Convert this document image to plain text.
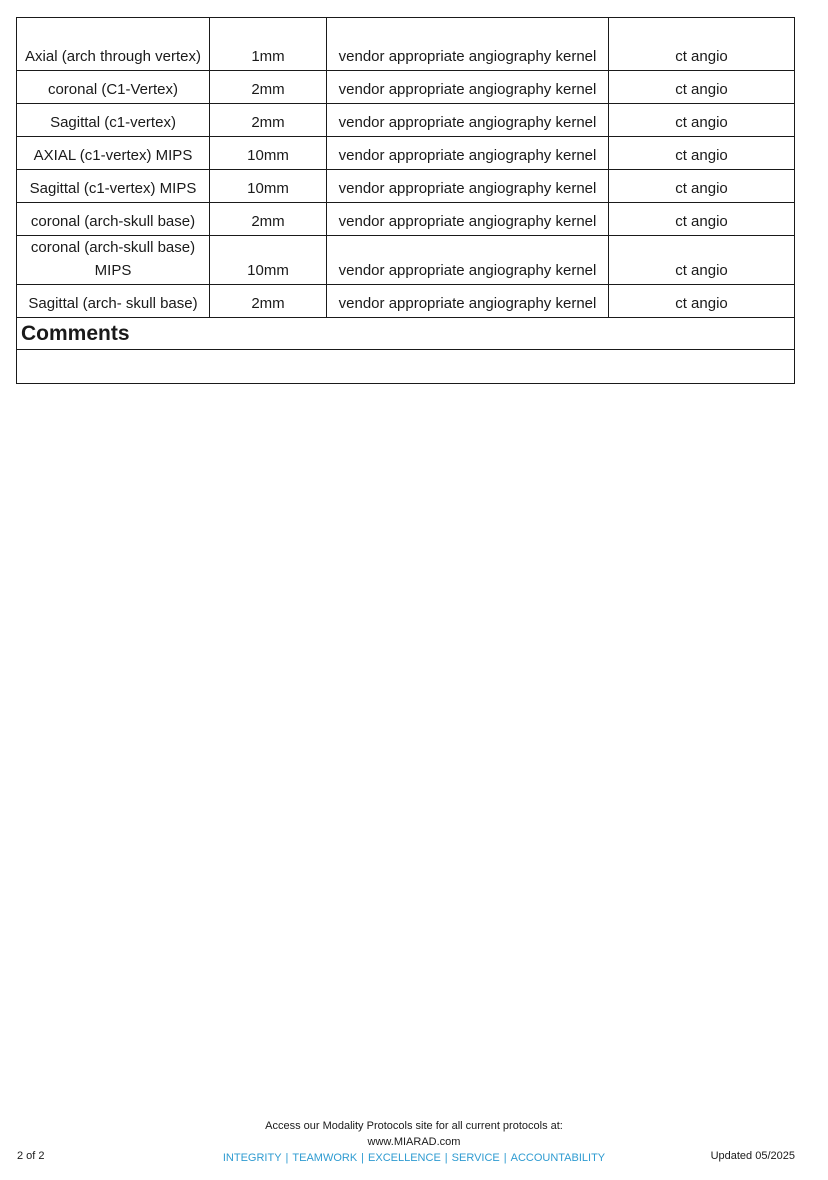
Axial (arch through vertex)	1mm	vendor appropriate angiography kernel	ct angio
coronal (C1-Vertex)	2mm	vendor appropriate angiography kernel	ct angio
Sagittal (c1-vertex)	2mm	vendor appropriate angiography kernel	ct angio
AXIAL (c1-vertex) MIPS	10mm	vendor appropriate angiography kernel	ct angio
Sagittal (c1-vertex) MIPS	10mm	vendor appropriate angiography kernel	ct angio
coronal (arch-skull base)	2mm	vendor appropriate angiography kernel	ct angio
coronal (arch-skull base) MIPS	10mm	vendor appropriate angiography kernel	ct angio
Sagittal (arch- skull base)	2mm	vendor appropriate angiography kernel	ct angio
Comments			

Access our Modality Protocols site for all current protocols at:
www.MIARAD.com
INTEGRITY | TEAMWORK | EXCELLENCE | SERVICE | ACCOUNTABILITY
2 of 2	Updated 05/2025
